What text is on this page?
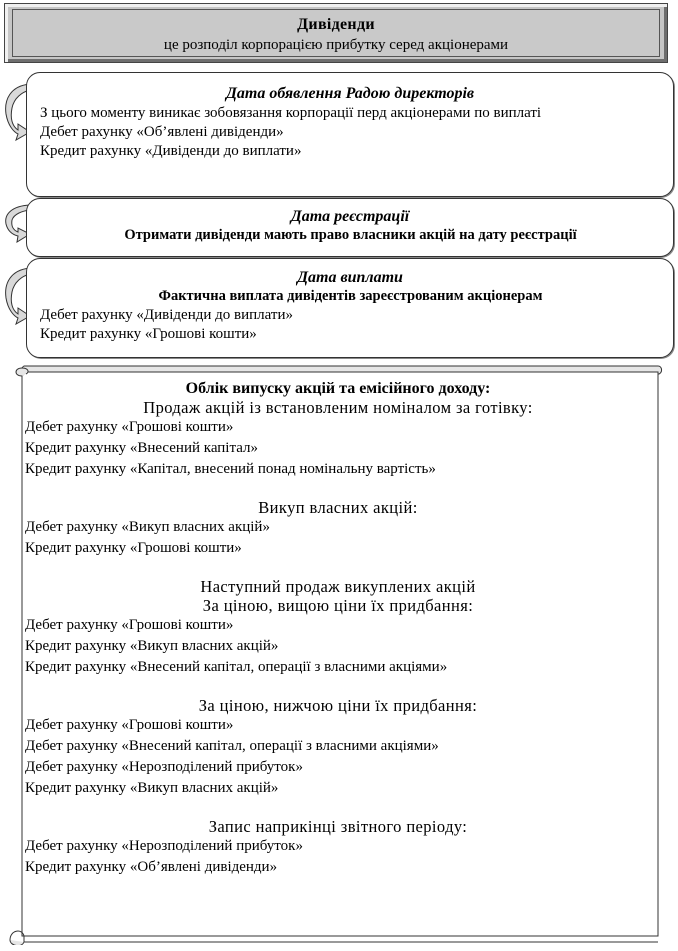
Дивіденди
це розподіл корпорацією прибутку серед акціонерами
Дата обявлення Радою директорів
З цього моменту виникає зобовязання корпорації перд акціонерами по виплаті
Дебет рахунку «Об’явлені дивіденди»
Кредит рахунку «Дивіденди до виплати»
Дата реєстрації
Отримати дивіденди мають право власники акцій на дату реєстрації
Дата виплати
Фактична виплата дивідентів зареєстрованим акціонерам
Дебет рахунку «Дивіденди до виплати»
Кредит рахунку «Грошові кошти»
Облік випуску акцій та емісійного доходу:
Продаж акцій із встановленим номіналом за готівку:
Дебет рахунку «Грошові кошти»
Кредит рахунку «Внесений капітал»
Кредит рахунку «Капітал, внесений понад номінальну вартість»
Викуп власних акцій:
Дебет рахунку «Викуп власних акцій»
Кредит рахунку «Грошові кошти»
Наступний продаж викуплених акцій
За ціною, вищою ціни їх придбання:
Дебет рахунку «Грошові кошти»
Кредит рахунку «Викуп власних акцій»
Кредит рахунку «Внесений капітал, операції з власними акціями»
За ціною, нижчою ціни їх придбання:
Дебет рахунку «Грошові кошти»
Дебет рахунку «Внесений капітал, операції з власними акціями»
Дебет рахунку «Нерозподілений прибуток»
Кредит рахунку «Викуп власних акцій»
Запис наприкінці звітного періоду:
Дебет рахунку «Нерозподілений прибуток»
Кредит рахунку «Об’явлені дивіденди»
